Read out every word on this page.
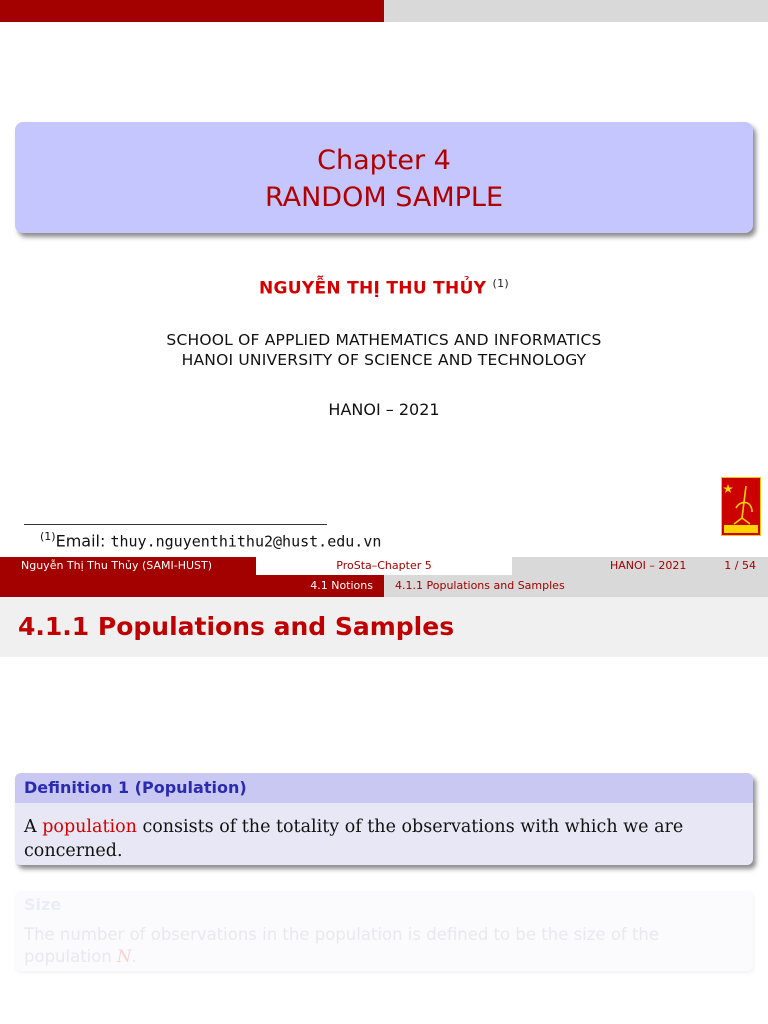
Chapter 4
RANDOM SAMPLE
NGUYỄN THỊ THU THỦY $^{(1)}$
SCHOOL OF APPLIED MATHEMATICS AND INFORMATICS
HANOI UNIVERSITY OF SCIENCE AND TECHNOLOGY
HANOI – 2021
$^{(1)}$Email: thuy.nguyenthithu2@hust.edu.vn
Nguyễn Thị Thu Thủy (SAMI-HUST)	ProSta–Chapter 5	HANOI – 2021	1 / 54
4.1 Notions	4.1.1 Populations and Samples
4.1.1 Populations and Samples
Definition 1 (Population)
A population consists of the totality of the observations with which we are concerned.
Size
The number of observations in the population is defined to be the size of the population N.
